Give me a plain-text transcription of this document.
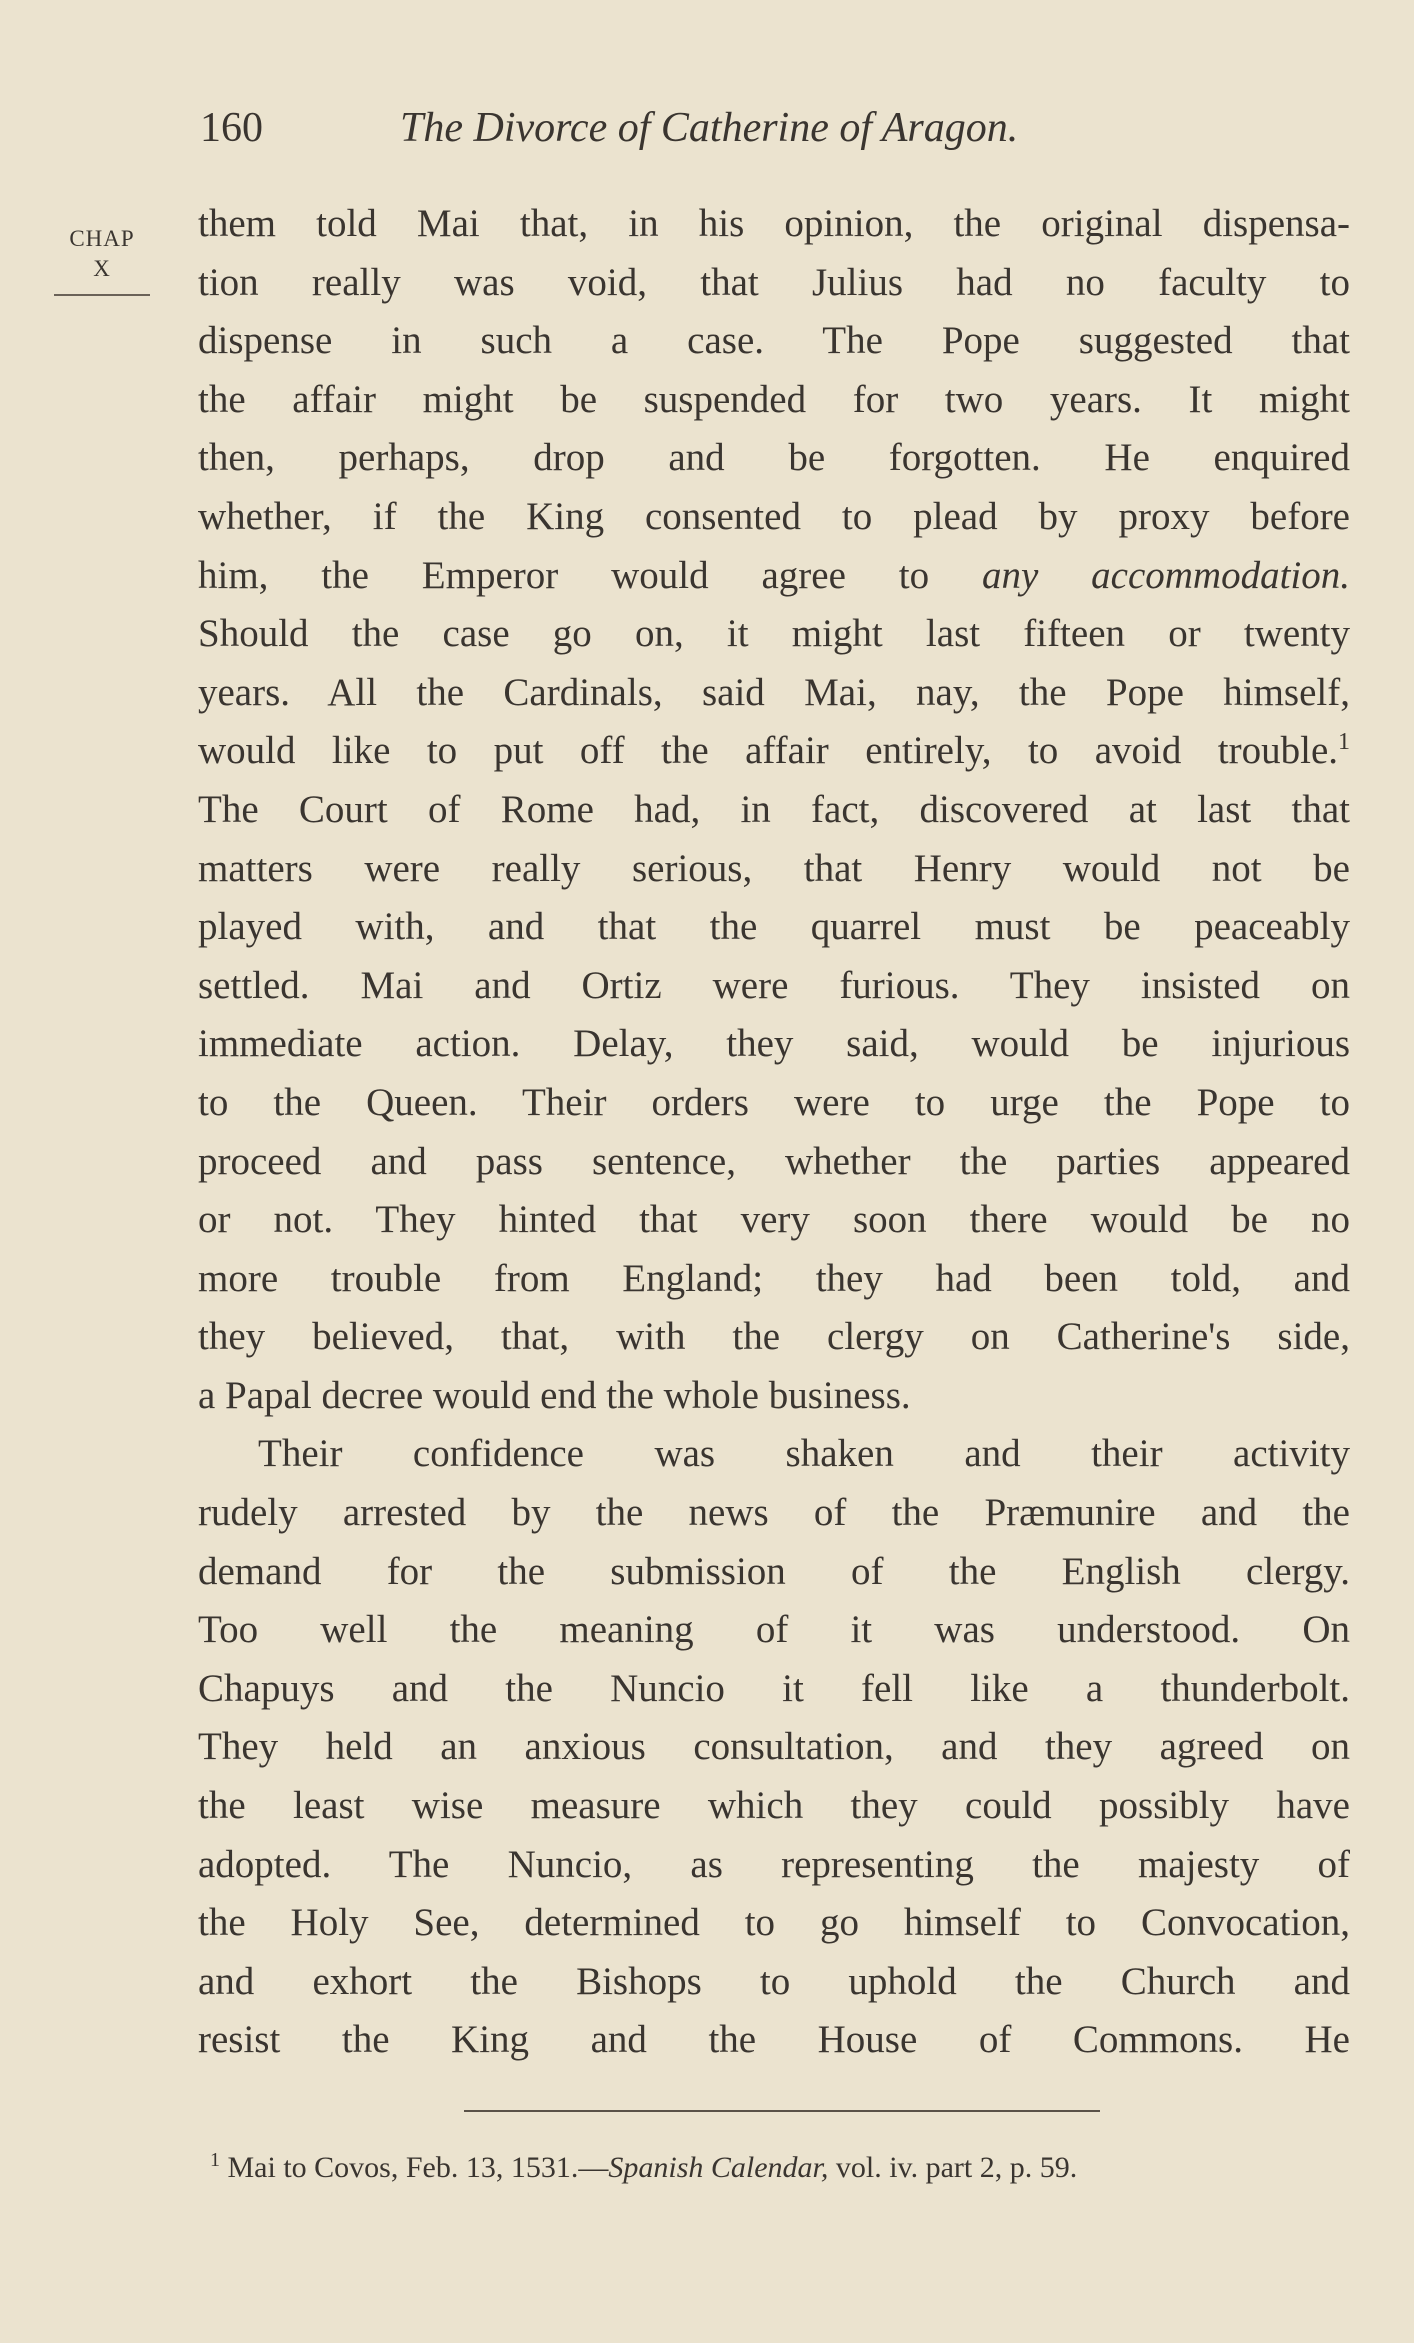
160	The Divorce of Catherine of Aragon.
CHAP
X
them told Mai that, in his opinion, the original dispensa-
tion really was void, that Julius had no faculty to
dispense in such a case. The Pope suggested that
the affair might be suspended for two years. It might
then, perhaps, drop and be forgotten. He enquired
whether, if the King consented to plead by proxy before
him, the Emperor would agree to any accommodation.
Should the case go on, it might last fifteen or twenty
years. All the Cardinals, said Mai, nay, the Pope himself,
would like to put off the affair entirely, to avoid trouble.$^1$
The Court of Rome had, in fact, discovered at last that
matters were really serious, that Henry would not be
played with, and that the quarrel must be peaceably
settled. Mai and Ortiz were furious. They insisted on
immediate action. Delay, they said, would be injurious
to the Queen. Their orders were to urge the Pope to
proceed and pass sentence, whether the parties appeared
or not. They hinted that very soon there would be no
more trouble from England; they had been told, and
they believed, that, with the clergy on Catherine's side,
a Papal decree would end the whole business.
Their confidence was shaken and their activity
rudely arrested by the news of the Præmunire and the
demand for the submission of the English clergy.
Too well the meaning of it was understood. On
Chapuys and the Nuncio it fell like a thunderbolt.
They held an anxious consultation, and they agreed on
the least wise measure which they could possibly have
adopted. The Nuncio, as representing the majesty of
the Holy See, determined to go himself to Convocation,
and exhort the Bishops to uphold the Church and
resist the King and the House of Commons. He
$^1$ Mai to Covos, Feb. 13, 1531.—Spanish Calendar, vol. iv. part 2, p. 59.
